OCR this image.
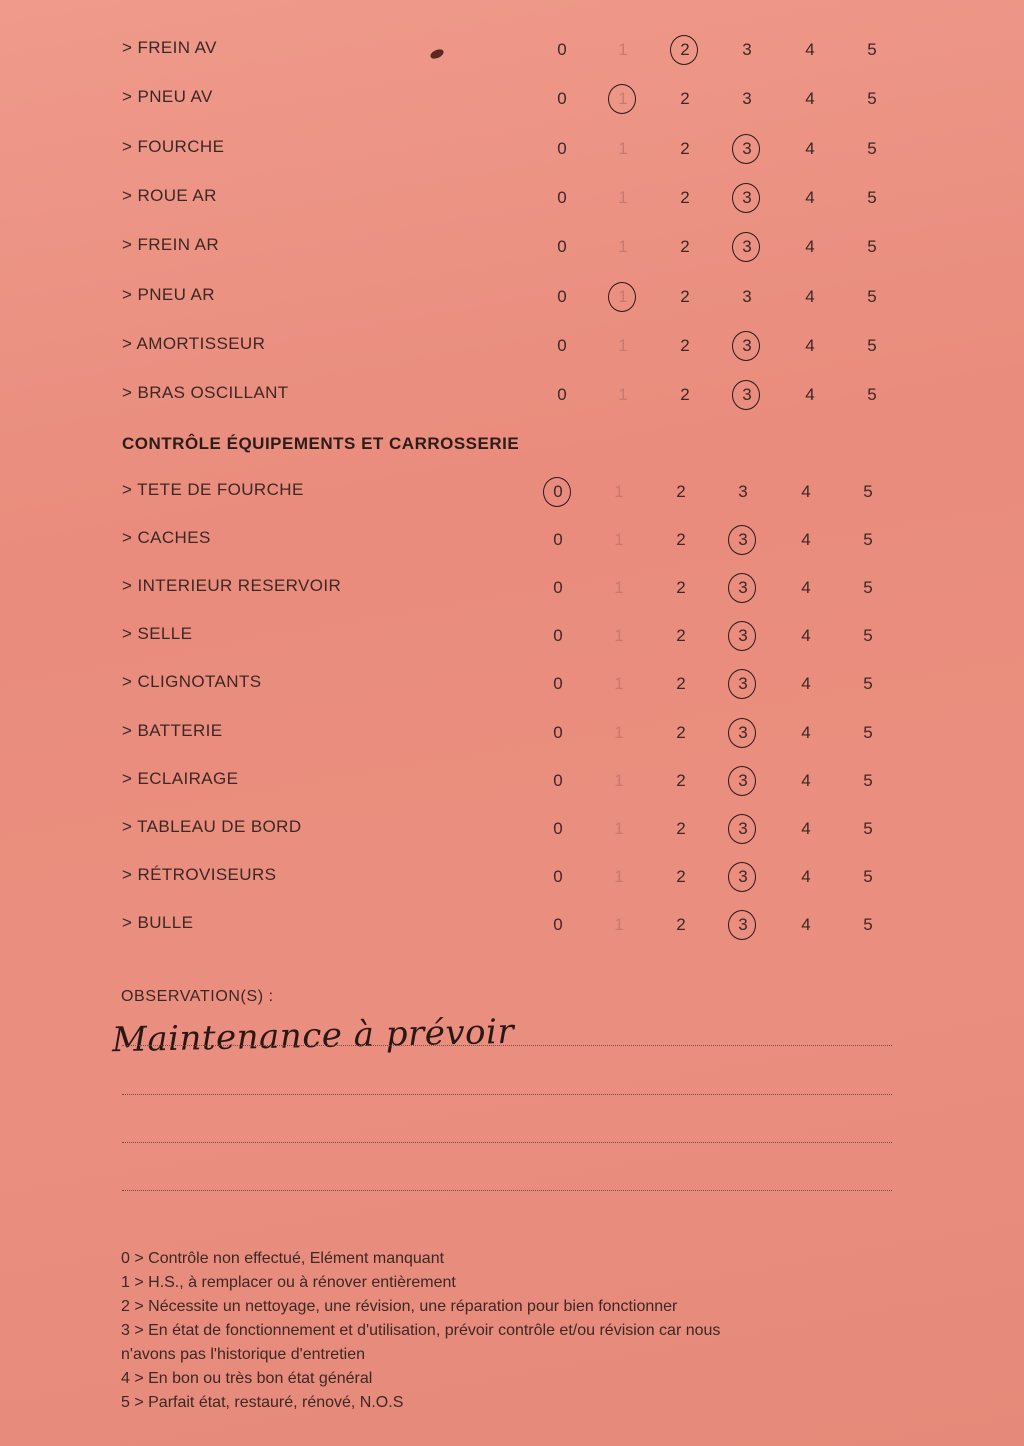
> FREIN AV	0	1	2	3	4	5
> PNEU AV	0	1	2	3	4	5
> FOURCHE	0	1	2	3	4	5
> ROUE AR	0	1	2	3	4	5
> FREIN AR	0	1	2	3	4	5
> PNEU AR	0	1	2	3	4	5
> AMORTISSEUR	0	1	2	3	4	5
> BRAS OSCILLANT	0	1	2	3	4	5
CONTRÔLE ÉQUIPEMENTS ET CARROSSERIE
> TETE DE FOURCHE	0	1	2	3	4	5
> CACHES	0	1	2	3	4	5
> INTERIEUR RESERVOIR	0	1	2	3	4	5
> SELLE	0	1	2	3	4	5
> CLIGNOTANTS	0	1	2	3	4	5
> BATTERIE	0	1	2	3	4	5
> ECLAIRAGE	0	1	2	3	4	5
> TABLEAU DE BORD	0	1	2	3	4	5
> RÉTROVISEURS	0	1	2	3	4	5
> BULLE	0	1	2	3	4	5
OBSERVATION(S) :
Maintenance à prévoir
0 > Contrôle non effectué, Elément manquant
1 > H.S., à remplacer ou à rénover entièrement
2 > Nécessite un nettoyage, une révision, une réparation pour bien fonctionner
3 > En état de fonctionnement et d'utilisation, prévoir contrôle et/ou révision car nous
n'avons pas l'historique d'entretien
4 > En bon ou très bon état général
5 > Parfait état, restauré, rénové, N.O.S
